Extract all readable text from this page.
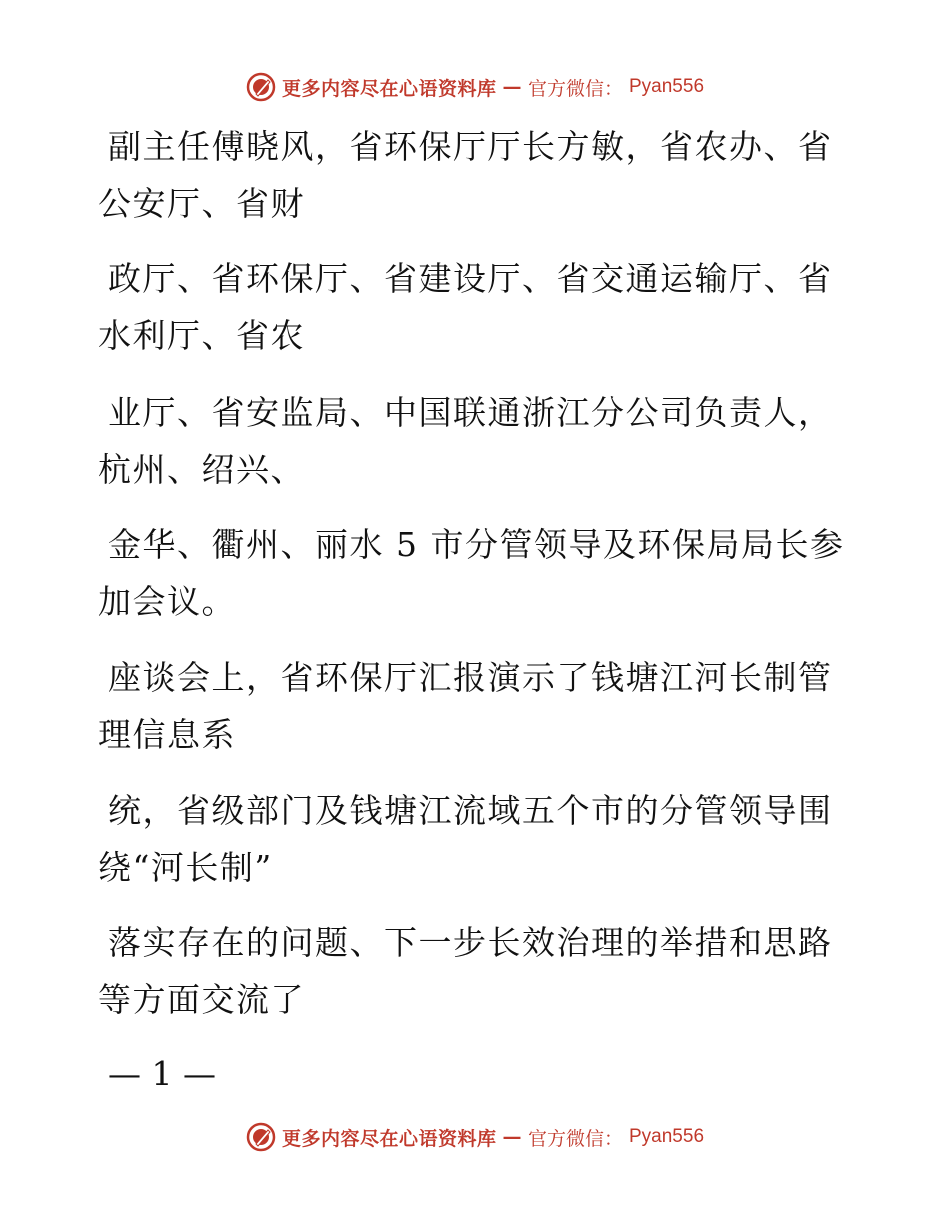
更多内容尽在心语资料库 — 官方微信： Pyan556
副主任傅晓风，省环保厅厅长方敏，省农办、省
公安厅、省财
政厅、省环保厅、省建设厅、省交通运输厅、省
水利厅、省农
业厅、省安监局、中国联通浙江分公司负责人，
杭州、绍兴、
金华、衢州、丽水 5 市分管领导及环保局局长参
加会议。
座谈会上，省环保厅汇报演示了钱塘江河长制管
理信息系
统，省级部门及钱塘江流域五个市的分管领导围
绕“河长制”
落实存在的问题、下一步长效治理的举措和思路
等方面交流了
— 1 —
更多内容尽在心语资料库 — 官方微信： Pyan556
